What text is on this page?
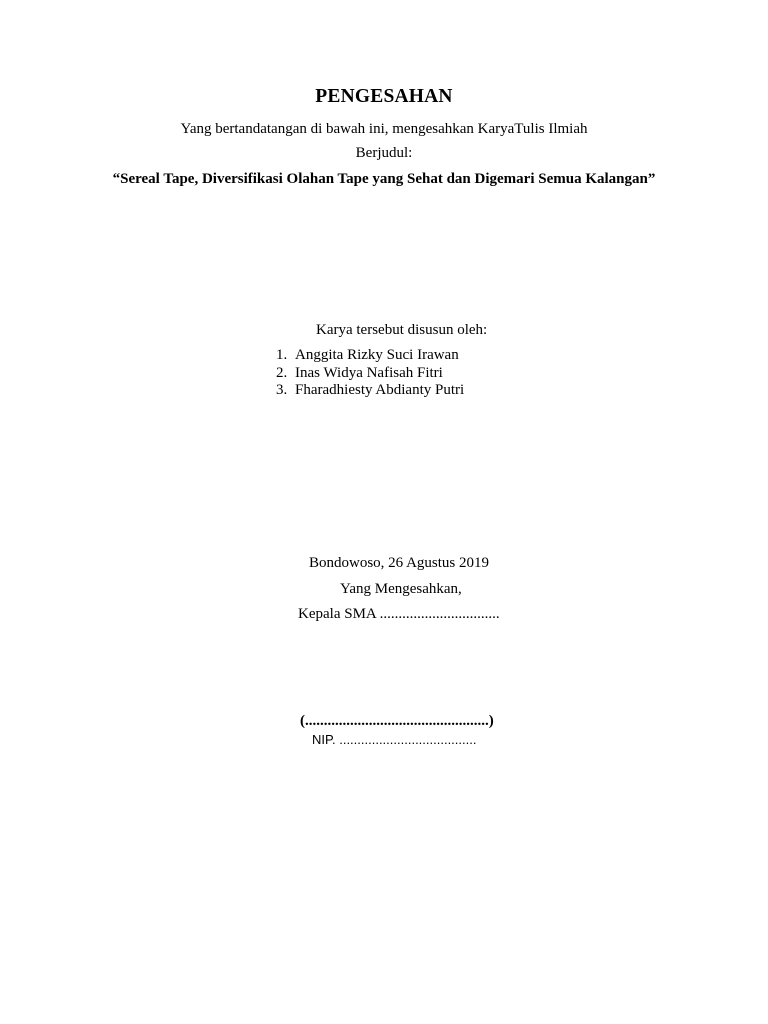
PENGESAHAN
Yang bertandatangan di bawah ini, mengesahkan KaryaTulis Ilmiah
Berjudul:
“Sereal Tape, Diversifikasi Olahan Tape yang Sehat dan Digemari Semua Kalangan”
Karya tersebut disusun oleh:
1. Anggita Rizky Suci Irawan
2. Inas Widya Nafisah Fitri
3. Fharadhiesty Abdianty Putri
Bondowoso, 26 Agustus 2019
Yang Mengesahkan,
Kepala SMA ................................
(.................................................)
NIP. ......................................
